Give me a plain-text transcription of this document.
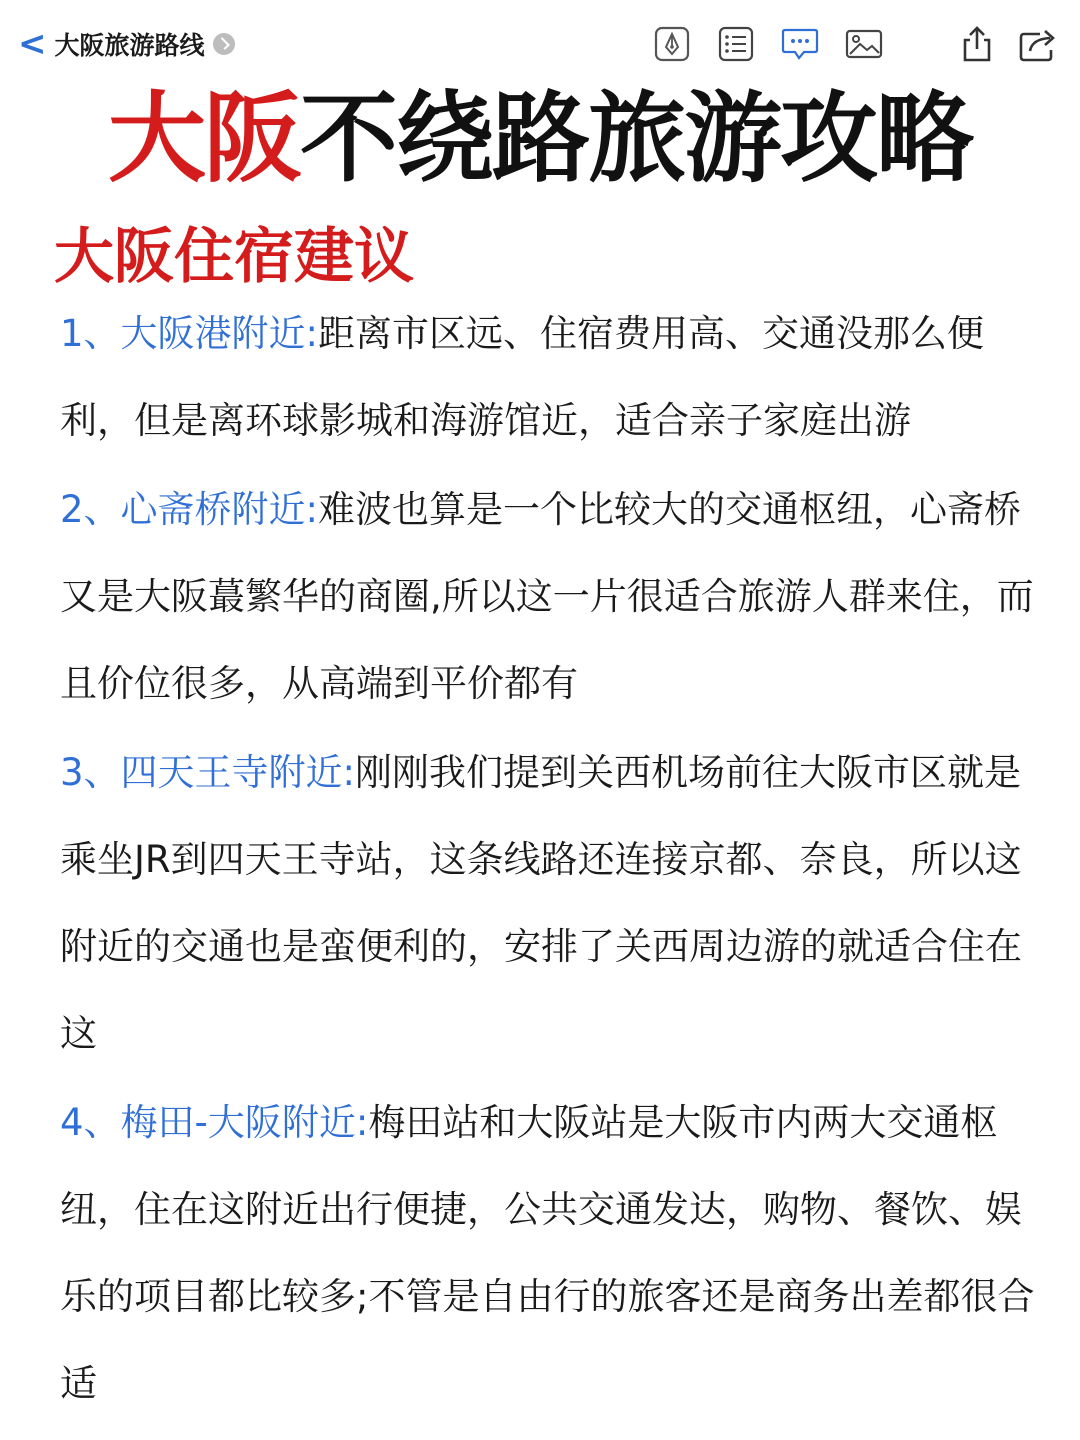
< 大阪旅游路线
大阪不绕路旅游攻略
大阪住宿建议
1、大阪港附近:距离市区远、住宿费用高、交通没那么便利，但是离环球影城和海游馆近，适合亲子家庭出游
2、心斋桥附近:难波也算是一个比较大的交通枢纽，心斋桥又是大阪蕞繁华的商圈,所以这一片很适合旅游人群来住，而且价位很多，从高端到平价都有
3、四天王寺附近:刚刚我们提到关西机场前往大阪市区就是乘坐JR到四天王寺站，这条线路还连接京都、奈良，所以这附近的交通也是蛮便利的，安排了关西周边游的就适合住在这
4、梅田-大阪附近:梅田站和大阪站是大阪市内两大交通枢纽，住在这附近出行便捷，公共交通发达，购物、餐饮、娱乐的项目都比较多;不管是自由行的旅客还是商务出差都很合适
